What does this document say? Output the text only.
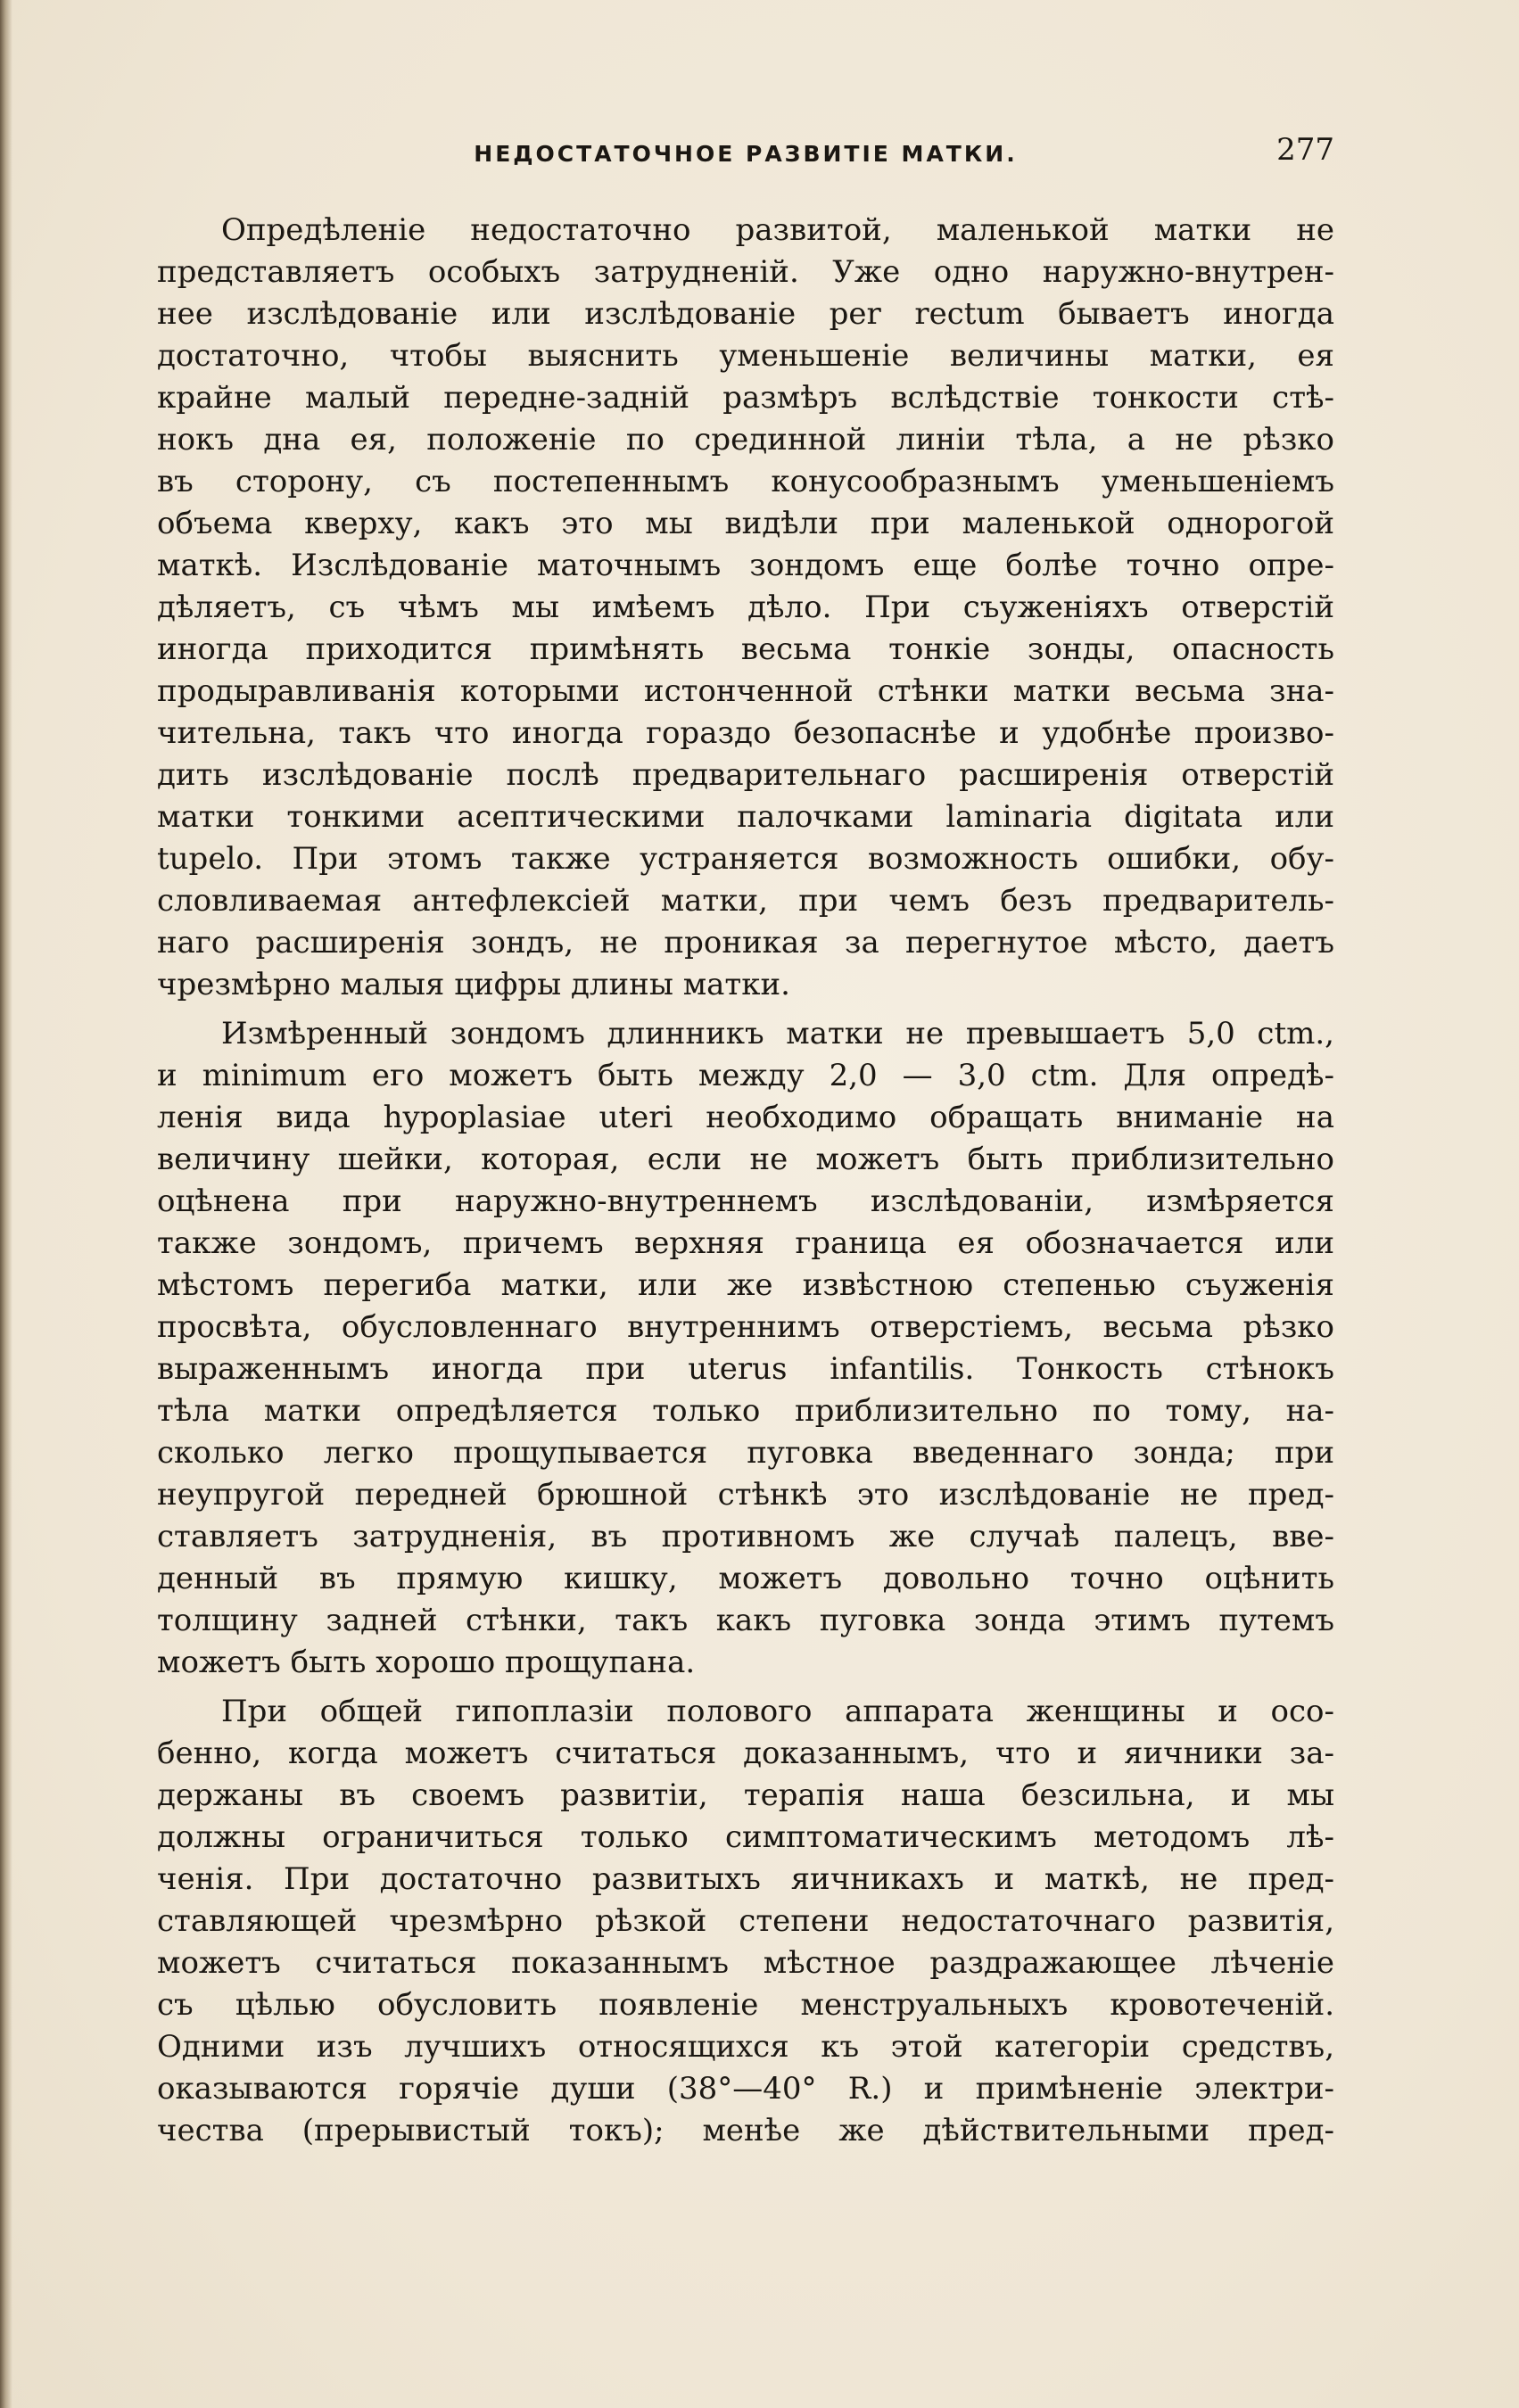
НЕДОСТАТОЧНОЕ РАЗВИТІЕ МАТКИ.	277
Опредѣленіе недостаточно развитой, маленькой матки не
представляетъ особыхъ затрудненій. Уже одно наружно-внутрен-
нее изслѣдованіе или изслѣдованіе per rectum бываетъ иногда
достаточно, чтобы выяснить уменьшеніе величины матки, ея
крайне малый передне-задній размѣръ вслѣдствіе тонкости стѣ-
нокъ дна ея, положеніе по срединной линіи тѣла, а не рѣзко
въ сторону, съ постепеннымъ конусообразнымъ уменьшеніемъ
объема кверху, какъ это мы видѣли при маленькой однорогой
маткѣ. Изслѣдованіе маточнымъ зондомъ еще болѣе точно опре-
дѣляетъ, съ чѣмъ мы имѣемъ дѣло. При съуженіяхъ отверстій
иногда приходится примѣнять весьма тонкіе зонды, опасность
продыравливанія которыми истонченной стѣнки матки весьма зна-
чительна, такъ что иногда гораздо безопаснѣе и удобнѣе произво-
дить изслѣдованіе послѣ предварительнаго расширенія отверстій
матки тонкими асептическими палочками laminaria digitata или
tupelo. При этомъ также устраняется возможность ошибки, обу-
словливаемая антефлексіей матки, при чемъ безъ предваритель-
наго расширенія зондъ, не проникая за перегнутое мѣсто, даетъ
чрезмѣрно малыя цифры длины матки.
Измѣренный зондомъ длинникъ матки не превышаетъ 5,0 ctm.,
и minimum его можетъ быть между 2,0 — 3,0 ctm. Для опредѣ-
ленія вида hypoplasiae uteri необходимо обращать вниманіе на
величину шейки, которая, если не можетъ быть приблизительно
оцѣнена при наружно-внутреннемъ изслѣдованіи, измѣряется
также зондомъ, причемъ верхняя граница ея обозначается или
мѣстомъ перегиба матки, или же извѣстною степенью съуженія
просвѣта, обусловленнаго внутреннимъ отверстіемъ, весьма рѣзко
выраженнымъ иногда при uterus infantilis. Тонкость стѣнокъ
тѣла матки опредѣляется только приблизительно по тому, на-
сколько легко прощупывается пуговка введеннаго зонда; при
неупругой передней брюшной стѣнкѣ это изслѣдованіе не пред-
ставляетъ затрудненія, въ противномъ же случаѣ палецъ, вве-
денный въ прямую кишку, можетъ довольно точно оцѣнить
толщину задней стѣнки, такъ какъ пуговка зонда этимъ путемъ
можетъ быть хорошо прощупана.
При общей гипоплазіи полового аппарата женщины и осо-
бенно, когда можетъ считаться доказаннымъ, что и яичники за-
держаны въ своемъ развитіи, терапія наша безсильна, и мы
должны ограничиться только симптоматическимъ методомъ лѣ-
ченія. При достаточно развитыхъ яичникахъ и маткѣ, не пред-
ставляющей чрезмѣрно рѣзкой степени недостаточнаго развитія,
можетъ считаться показаннымъ мѣстное раздражающее лѣченіе
съ цѣлью обусловить появленіе менструальныхъ кровотеченій.
Одними изъ лучшихъ относящихся къ этой категоріи средствъ,
оказываются горячіе души (38°—40° R.) и примѣненіе электри-
чества (прерывистый токъ); менѣе же дѣйствительными пред-
